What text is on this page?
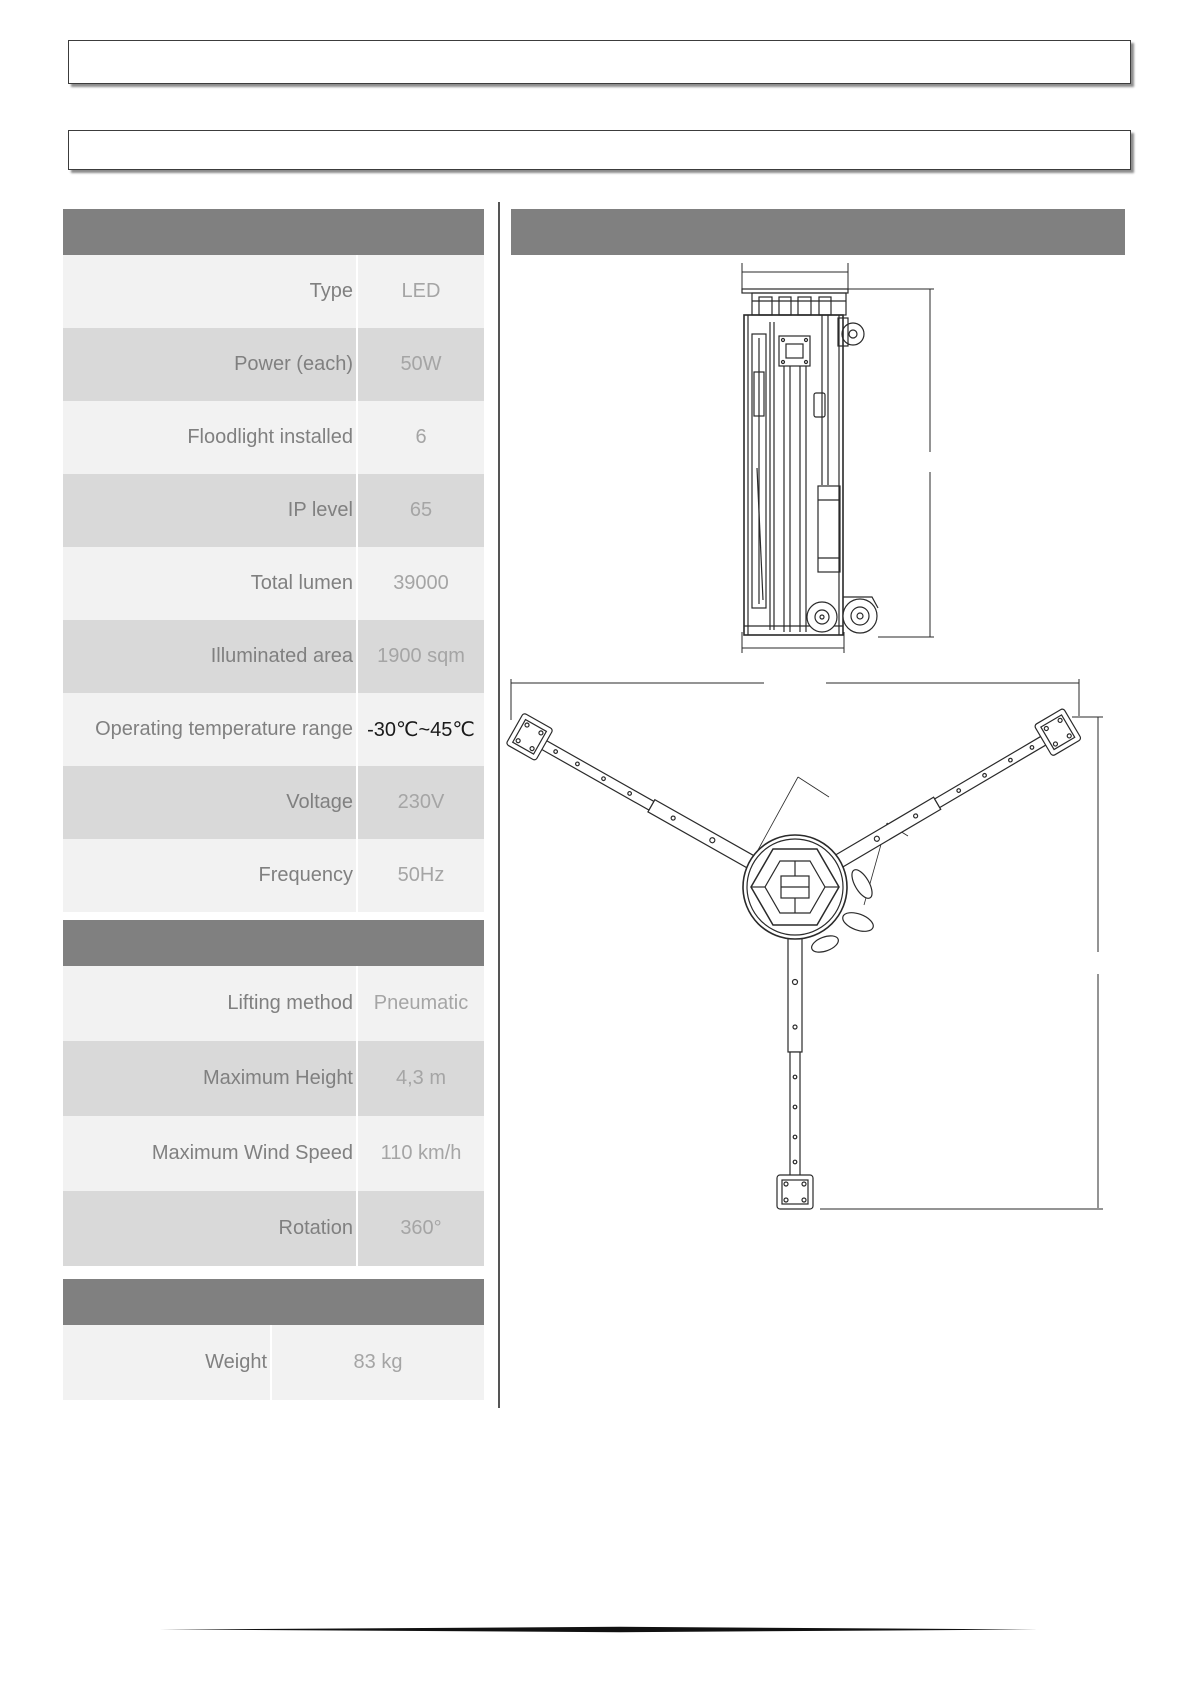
Type	LED
Power (each)	50W
Floodlight installed	6
IP level	65
Total lumen	39000
Illuminated area	1900 sqm
Operating temperature range -30℃~45℃
Voltage	230V
Frequency	50Hz
Lifting method	Pneumatic
Maximum Height	4,3 m
Maximum Wind Speed	110 km/h
Rotation	360°
Weight	83 kg
